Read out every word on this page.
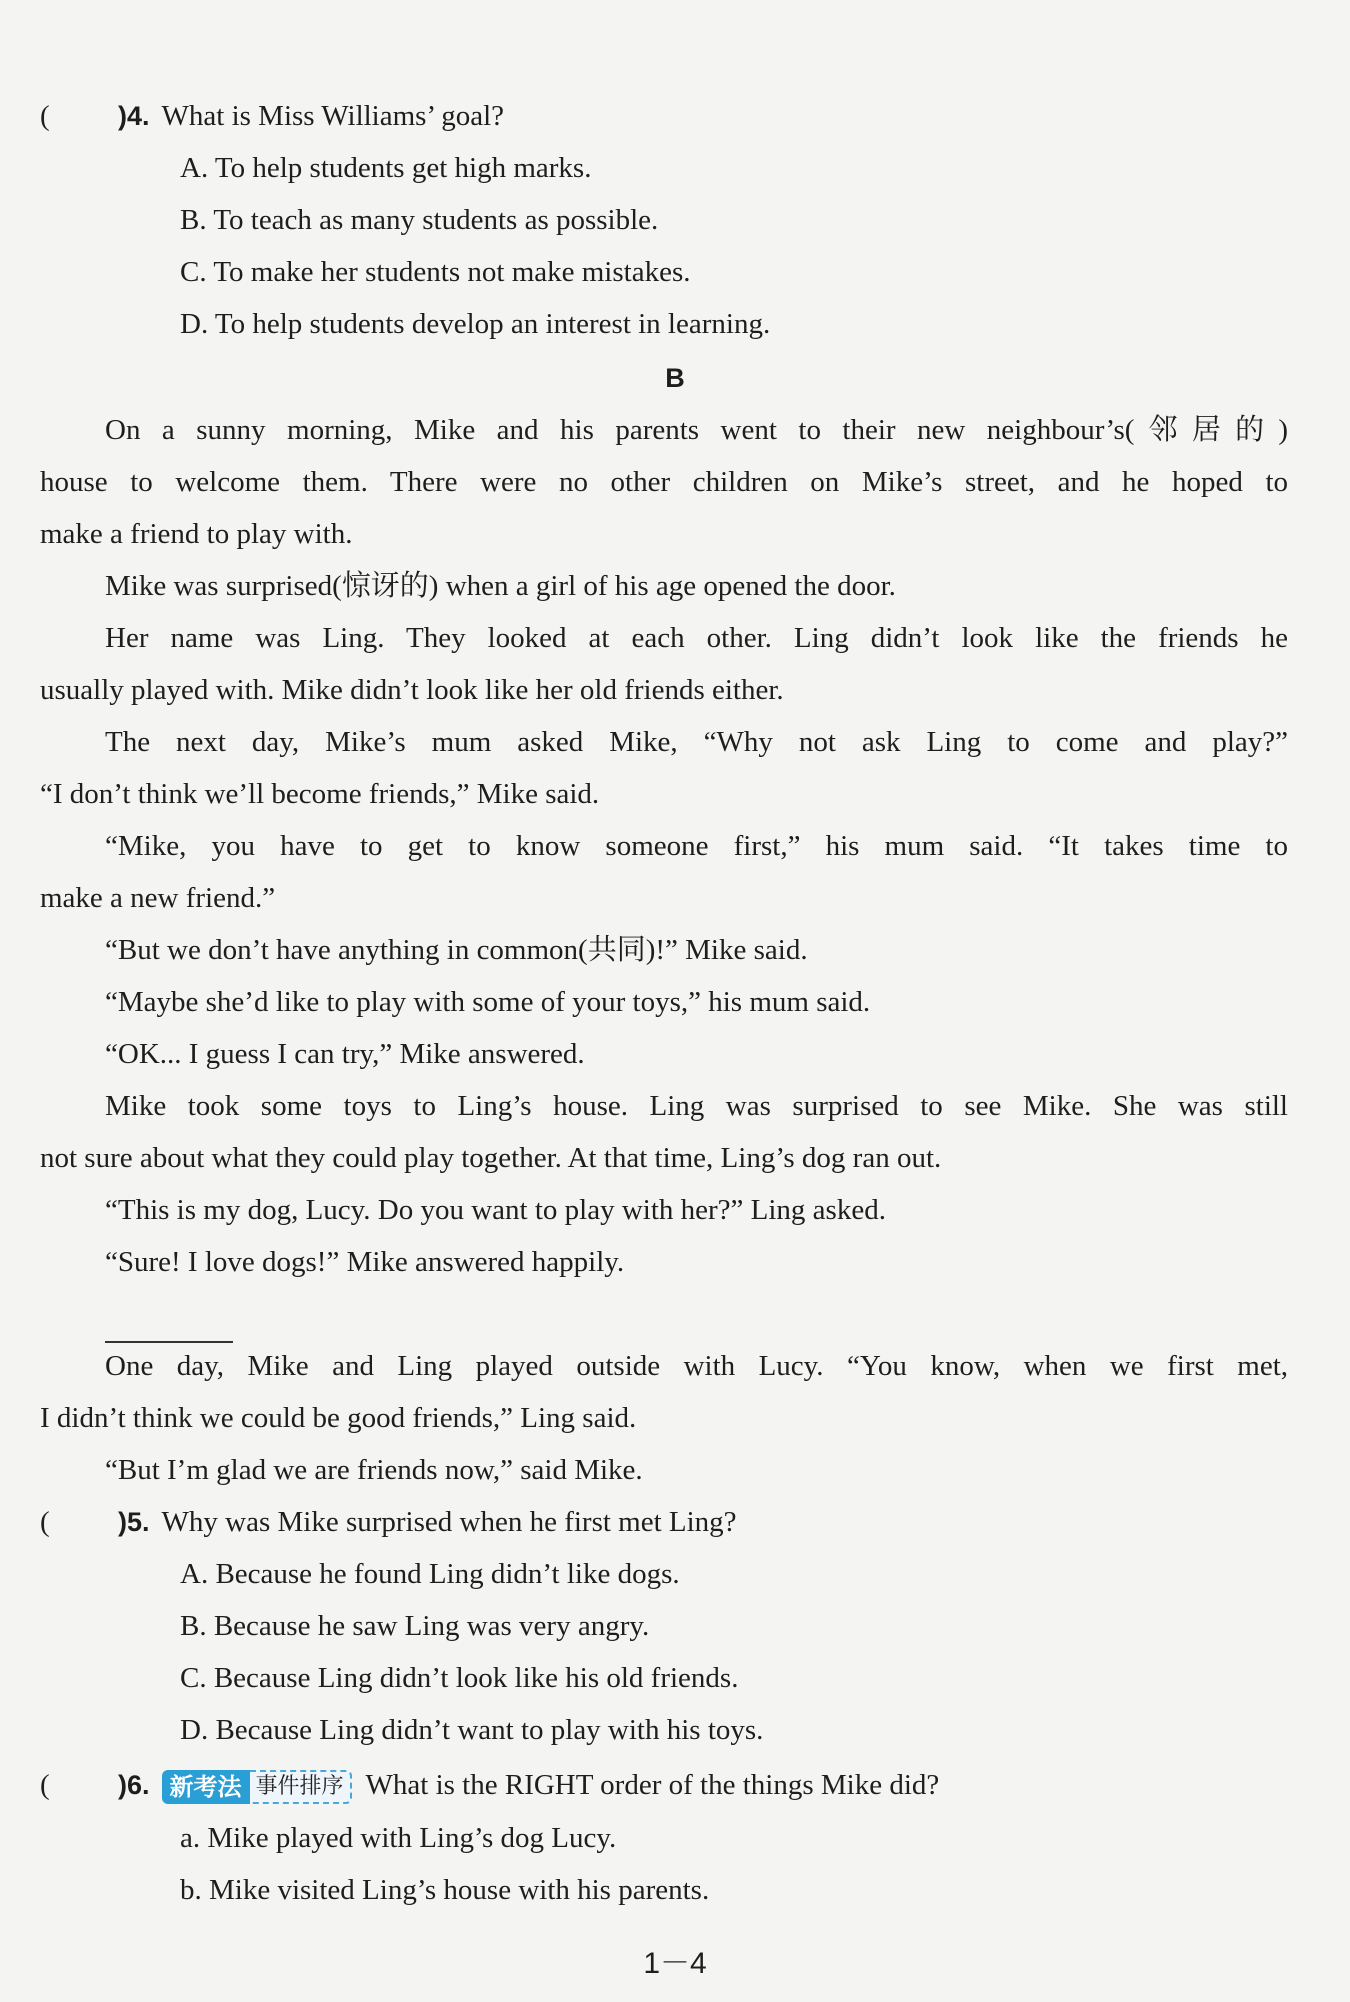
(	)4. What is Miss Williams’ goal?
A. To help students get high marks.
B. To teach as many students as possible.
C. To make her students not make mistakes.
D. To help students develop an interest in learning.
B
On a sunny morning, Mike and his parents went to their new neighbour’s(邻居的)
house to welcome them. There were no other children on Mike’s street, and he hoped to
make a friend to play with.
Mike was surprised(惊讶的) when a girl of his age opened the door.
Her name was Ling. They looked at each other. Ling didn’t look like the friends he
usually played with. Mike didn’t look like her old friends either.
The next day, Mike’s mum asked Mike, “Why not ask Ling to come and play?”
“I don’t think we’ll become friends,” Mike said.
“Mike, you have to get to know someone first,” his mum said. “It takes time to
make a new friend.”
“But we don’t have anything in common(共同)!” Mike said.
“Maybe she’d like to play with some of your toys,” his mum said.
“OK... I guess I can try,” Mike answered.
Mike took some toys to Ling’s house. Ling was surprised to see Mike. She was still
not sure about what they could play together. At that time, Ling’s dog ran out.
“This is my dog, Lucy. Do you want to play with her?” Ling asked.
“Sure! I love dogs!” Mike answered happily.
One day, Mike and Ling played outside with Lucy. “You know, when we first met,
I didn’t think we could be good friends,” Ling said.
“But I’m glad we are friends now,” said Mike.
(	)5. Why was Mike surprised when he first met Ling?
A. Because he found Ling didn’t like dogs.
B. Because he saw Ling was very angry.
C. Because Ling didn’t look like his old friends.
D. Because Ling didn’t want to play with his toys.
(	)6. 新考法 事件排序 What is the RIGHT order of the things Mike did?
a. Mike played with Ling’s dog Lucy.
b. Mike visited Ling’s house with his parents.
1－4
